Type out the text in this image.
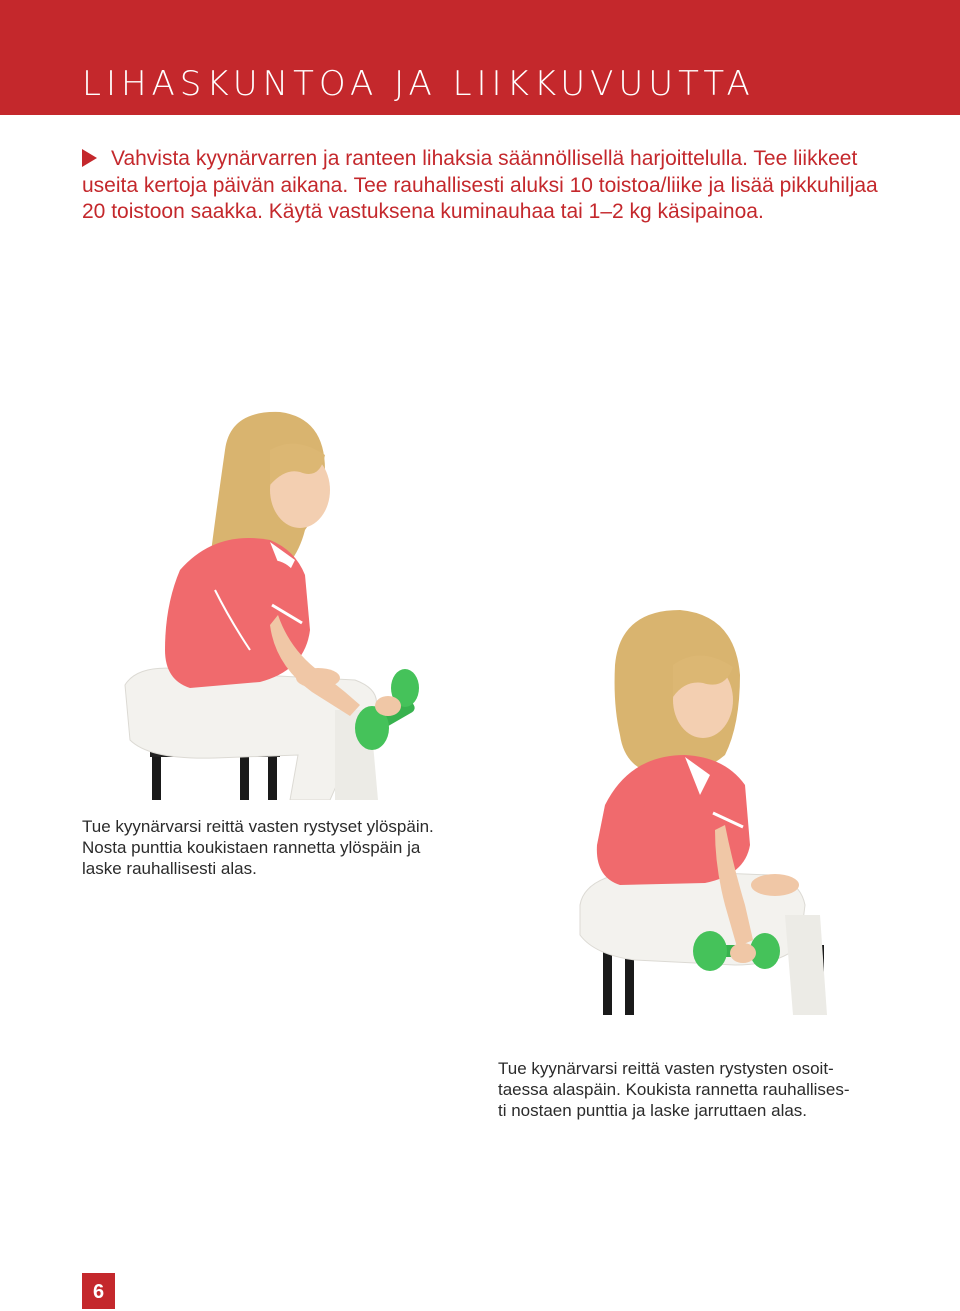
LIHASKUNTOA JA LIIKKUVUUTTA
Vahvista kyynärvarren ja ranteen lihaksia säännöllisellä harjoittelulla. Tee liikkeet useita kertoja päivän aikana. Tee rauhallisesti aluksi 10 toistoa/liike ja lisää pikkuhiljaa 20 toistoon saakka. Käytä vastuksena kuminauhaa tai 1–2 kg käsipainoa.
Tue kyynärvarsi reittä vasten rystyset ylöspäin.
Nosta punttia koukistaen rannetta ylöspäin ja
laske rauhallisesti alas.
Tue kyynärvarsi reittä vasten rystysten osoit-
taessa alaspäin. Koukista rannetta rauhallises-
ti nostaen punttia ja laske jarruttaen alas.
6
